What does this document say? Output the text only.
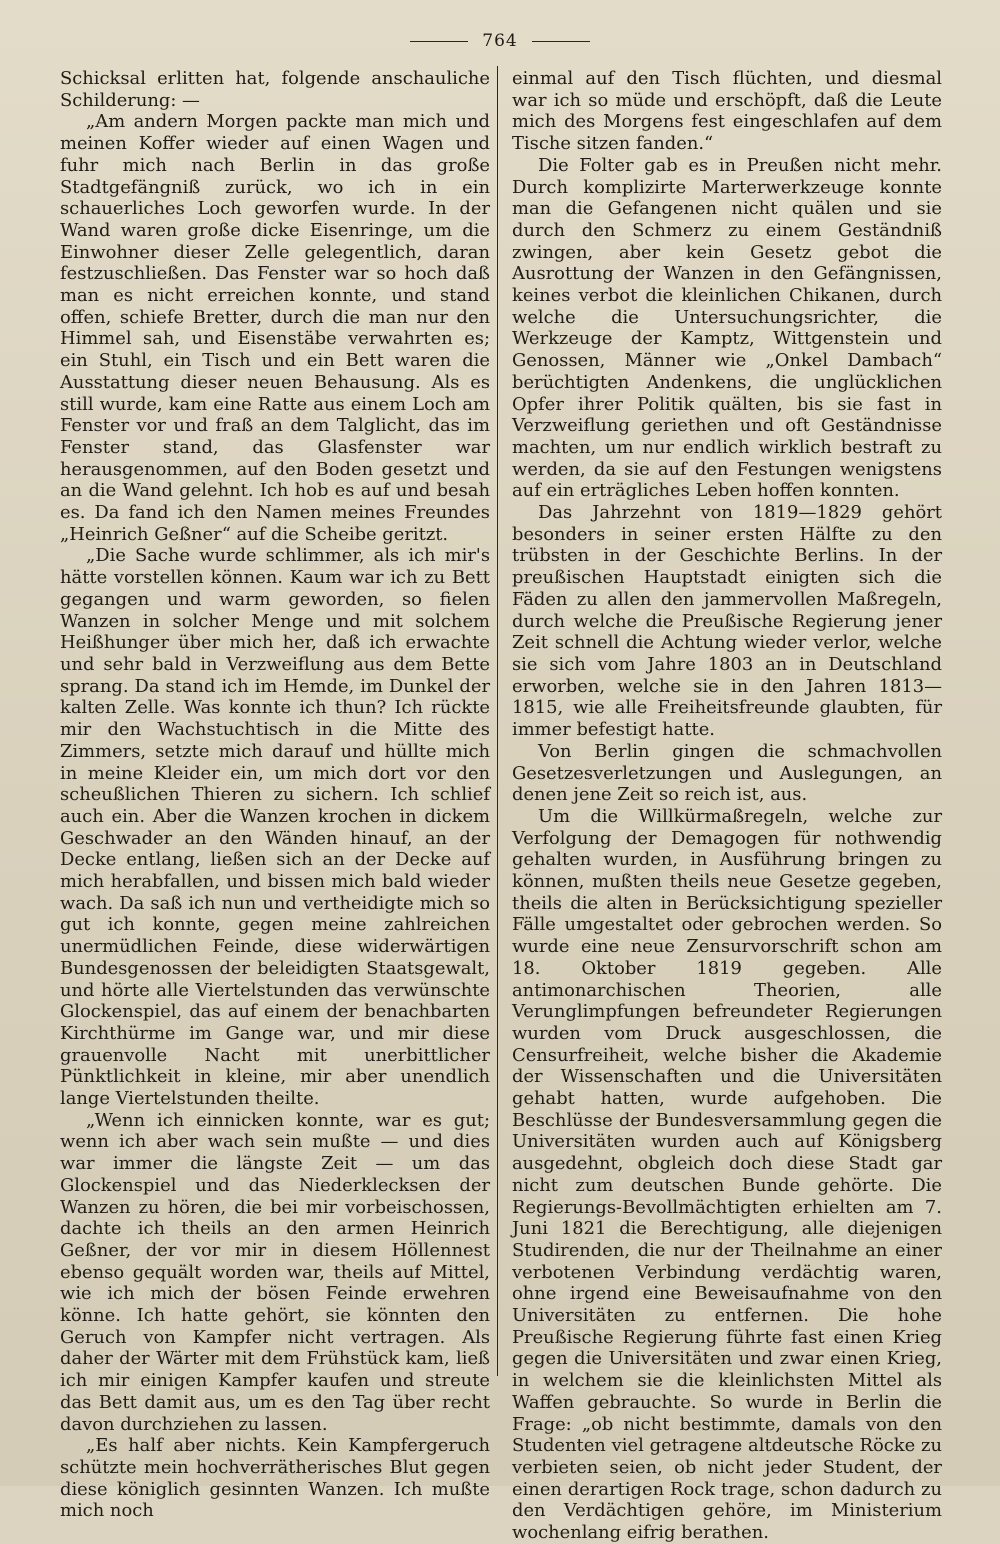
764

Schicksal erlitten hat, folgende anschauliche Schilderung: —

„Am andern Morgen packte man mich und meinen Koffer wieder auf einen Wagen und fuhr mich nach Berlin in das große Stadtgefängniß zurück, wo ich in ein schauerliches Loch geworfen wurde. In der Wand waren große dicke Eisenringe, um die Einwohner dieser Zelle gelegentlich, daran festzuschließen. Das Fenster war so hoch daß man es nicht erreichen konnte, und stand offen, schiefe Bretter, durch die man nur den Himmel sah, und Eisenstäbe verwahrten es; ein Stuhl, ein Tisch und ein Bett waren die Ausstattung dieser neuen Behausung. Als es still wurde, kam eine Ratte aus einem Loch am Fenster vor und fraß an dem Talglicht, das im Fenster stand, das Glasfenster war herausgenommen, auf den Boden gesetzt und an die Wand gelehnt. Ich hob es auf und besah es. Da fand ich den Namen meines Freundes „Heinrich Geßner“ auf die Scheibe geritzt.

„Die Sache wurde schlimmer, als ich mir's hätte vorstellen können. Kaum war ich zu Bett gegangen und warm geworden, so fielen Wanzen in solcher Menge und mit solchem Heißhunger über mich her, daß ich erwachte und sehr bald in Verzweiflung aus dem Bette sprang. Da stand ich im Hemde, im Dunkel der kalten Zelle. Was konnte ich thun? Ich rückte mir den Wachstuchtisch in die Mitte des Zimmers, setzte mich darauf und hüllte mich in meine Kleider ein, um mich dort vor den scheußlichen Thieren zu sichern. Ich schlief auch ein. Aber die Wanzen krochen in dickem Geschwader an den Wänden hinauf, an der Decke entlang, ließen sich an der Decke auf mich herabfallen, und bissen mich bald wieder wach. Da saß ich nun und vertheidigte mich so gut ich konnte, gegen meine zahlreichen unermüdlichen Feinde, diese widerwärtigen Bundesgenossen der beleidigten Staatsgewalt, und hörte alle Viertelstunden das verwünschte Glockenspiel, das auf einem der benachbarten Kirchthürme im Gange war, und mir diese grauenvolle Nacht mit unerbittlicher Pünktlichkeit in kleine, mir aber unendlich lange Viertelstunden theilte.

„Wenn ich einnicken konnte, war es gut; wenn ich aber wach sein mußte — und dies war immer die längste Zeit — um das Glockenspiel und das Niederklecksen der Wanzen zu hören, die bei mir vorbeischossen, dachte ich theils an den armen Heinrich Geßner, der vor mir in diesem Höllennest ebenso gequält worden war, theils auf Mittel, wie ich mich der bösen Feinde erwehren könne. Ich hatte gehört, sie könnten den Geruch von Kampfer nicht vertragen. Als daher der Wärter mit dem Frühstück kam, ließ ich mir einigen Kampfer kaufen und streute das Bett damit aus, um es den Tag über recht davon durchziehen zu lassen.

„Es half aber nichts. Kein Kampfergeruch schützte mein hochverrätherisches Blut gegen diese königlich gesinnten Wanzen. Ich mußte mich noch

einmal auf den Tisch flüchten, und diesmal war ich so müde und erschöpft, daß die Leute mich des Morgens fest eingeschlafen auf dem Tische sitzen fanden.“

Die Folter gab es in Preußen nicht mehr. Durch komplizirte Marterwerkzeuge konnte man die Gefangenen nicht quälen und sie durch den Schmerz zu einem Geständniß zwingen, aber kein Gesetz gebot die Ausrottung der Wanzen in den Gefängnissen, keines verbot die kleinlichen Chikanen, durch welche die Untersuchungsrichter, die Werkzeuge der Kamptz, Wittgenstein und Genossen, Männer wie „Onkel Dambach“ berüchtigten Andenkens, die unglücklichen Opfer ihrer Politik quälten, bis sie fast in Verzweiflung geriethen und oft Geständnisse machten, um nur endlich wirklich bestraft zu werden, da sie auf den Festungen wenigstens auf ein erträgliches Leben hoffen konnten.

Das Jahrzehnt von 1819—1829 gehört besonders in seiner ersten Hälfte zu den trübsten in der Geschichte Berlins. In der preußischen Hauptstadt einigten sich die Fäden zu allen den jammervollen Maßregeln, durch welche die Preußische Regierung jener Zeit schnell die Achtung wieder verlor, welche sie sich vom Jahre 1803 an in Deutschland erworben, welche sie in den Jahren 1813—1815, wie alle Freiheitsfreunde glaubten, für immer befestigt hatte.

Von Berlin gingen die schmachvollen Gesetzesverletzungen und Auslegungen, an denen jene Zeit so reich ist, aus.

Um die Willkürmaßregeln, welche zur Verfolgung der Demagogen für nothwendig gehalten wurden, in Ausführung bringen zu können, mußten theils neue Gesetze gegeben, theils die alten in Berücksichtigung spezieller Fälle umgestaltet oder gebrochen werden. So wurde eine neue Zensurvorschrift schon am 18. Oktober 1819 gegeben. Alle antimonarchischen Theorien, alle Verunglimpfungen befreundeter Regierungen wurden vom Druck ausgeschlossen, die Censurfreiheit, welche bisher die Akademie der Wissenschaften und die Universitäten gehabt hatten, wurde aufgehoben. Die Beschlüsse der Bundesversammlung gegen die Universitäten wurden auch auf Königsberg ausgedehnt, obgleich doch diese Stadt gar nicht zum deutschen Bunde gehörte. Die Regierungs-Bevollmächtigten erhielten am 7. Juni 1821 die Berechtigung, alle diejenigen Studirenden, die nur der Theilnahme an einer verbotenen Verbindung verdächtig waren, ohne irgend eine Beweisaufnahme von den Universitäten zu entfernen. Die hohe Preußische Regierung führte fast einen Krieg gegen die Universitäten und zwar einen Krieg, in welchem sie die kleinlichsten Mittel als Waffen gebrauchte. So wurde in Berlin die Frage: „ob nicht bestimmte, damals von den Studenten viel getragene altdeutsche Röcke zu verbieten seien, ob nicht jeder Student, der einen derartigen Rock trage, schon dadurch zu den Verdächtigen gehöre, im Ministerium wochenlang eifrig berathen.
